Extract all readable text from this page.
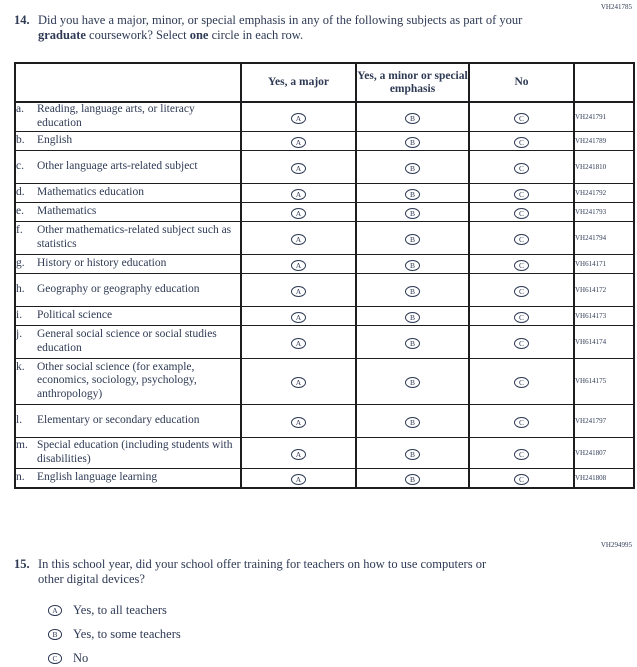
VH241785
14. Did you have a major, minor, or special emphasis in any of the following subjects as part of your graduate coursework? Select one circle in each row.
	Yes, a major	Yes, a minor or special emphasis	No	

a. Reading, language arts, or literacy education	A	B	C	VH241791

b. English	A	B	C	VH241789

c. Other language arts-related subject	A	B	C	VH241810

d. Mathematics education	A	B	C	VH241792

e. Mathematics	A	B	C	VH241793

f. Other mathematics-related subject such as statistics	A	B	C	VH241794

g. History or history education	A	B	C	VH614171

h. Geography or geography education	A	B	C	VH614172

i. Political science	A	B	C	VH614173

j. General social science or social studies education	A	B	C	VH614174

k. Other social science (for example, economics, sociology, psychology, anthropology)	A	B	C	VH614175

l. Elementary or secondary education	A	B	C	VH241797

m. Special education (including students with disabilities)	A	B	C	VH241807

n. English language learning	A	B	C	VH241808
VH294995
15. In this school year, did your school offer training for teachers on how to use computers or other digital devices?
A Yes, to all teachers
B Yes, to some teachers
C No
